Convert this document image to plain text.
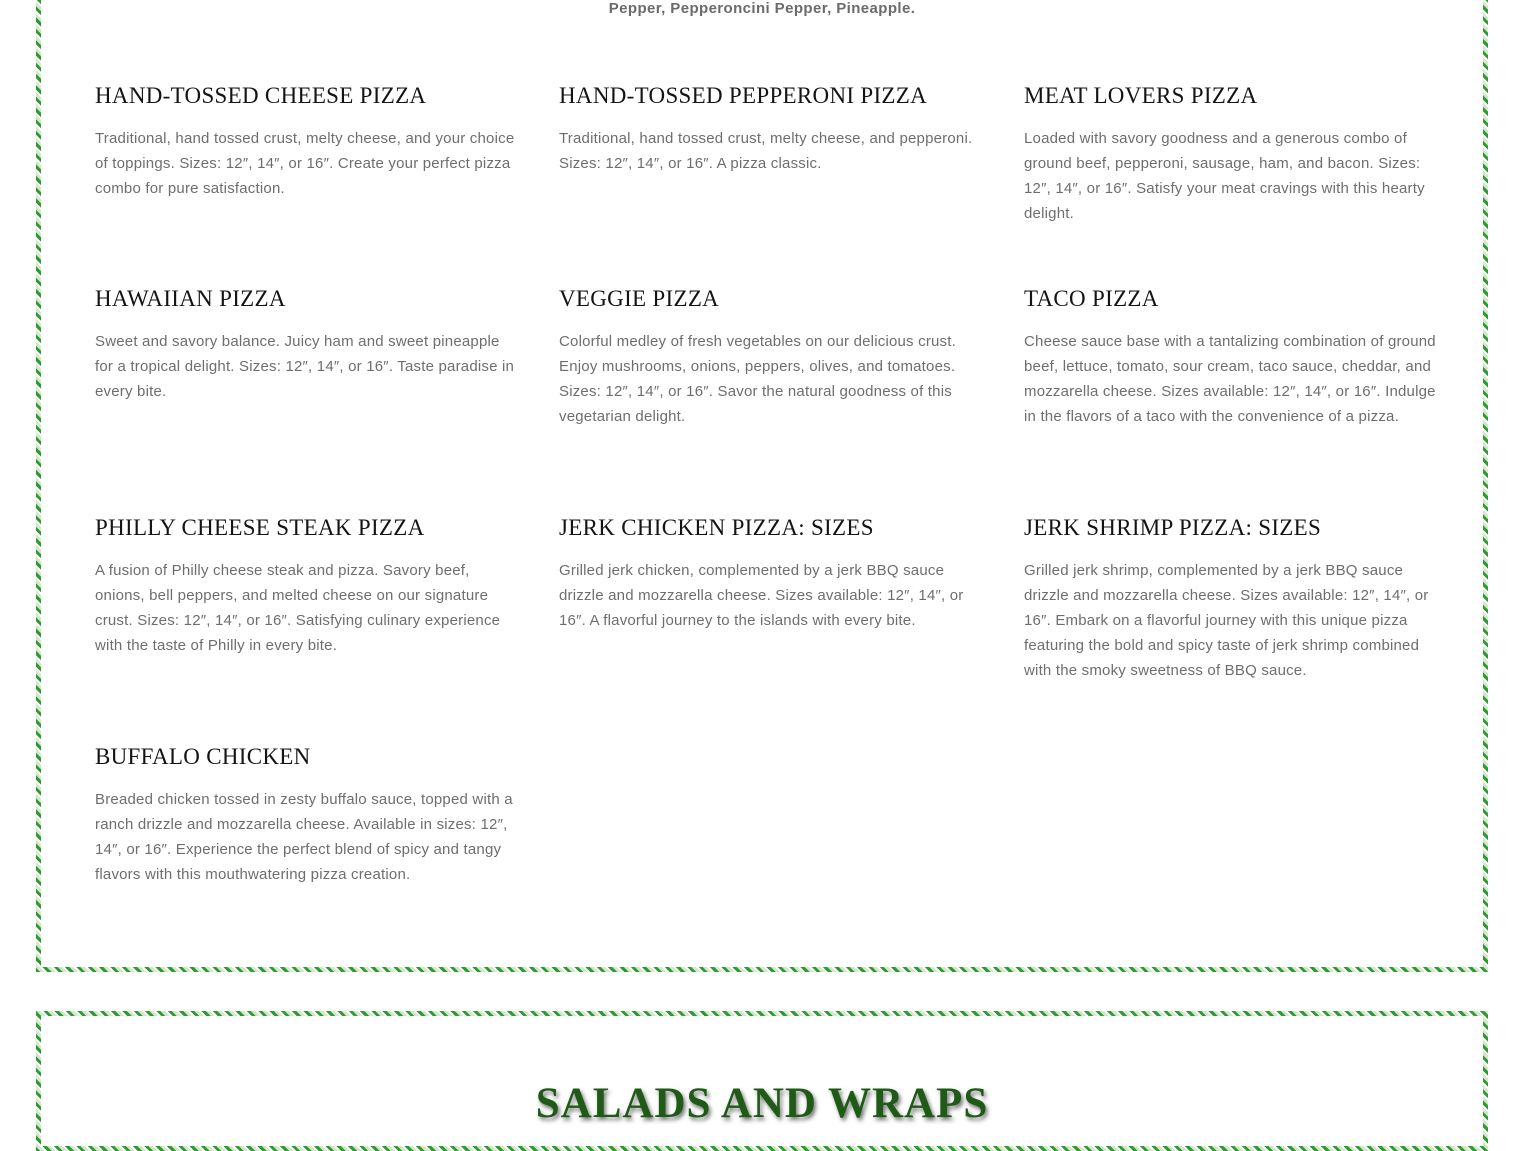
Pepper, Pepperoncini Pepper, Pineapple.
HAND-TOSSED CHEESE PIZZA

Traditional, hand tossed crust, melty cheese, and your choice of toppings. Sizes: 12″, 14″, or 16″. Create your perfect pizza combo for pure satisfaction.

HAND-TOSSED PEPPERONI PIZZA

Traditional, hand tossed crust, melty cheese, and pepperoni. Sizes: 12″, 14″, or 16″. A pizza classic.

MEAT LOVERS PIZZA

Loaded with savory goodness and a generous combo of ground beef, pepperoni, sausage, ham, and bacon. Sizes: 12″, 14″, or 16″. Satisfy your meat cravings with this hearty delight.

HAWAIIAN PIZZA

Sweet and savory balance. Juicy ham and sweet pineapple for a tropical delight. Sizes: 12″, 14″, or 16″. Taste paradise in every bite.

VEGGIE PIZZA

Colorful medley of fresh vegetables on our delicious crust. Enjoy mushrooms, onions, peppers, olives, and tomatoes. Sizes: 12″, 14″, or 16″. Savor the natural goodness of this vegetarian delight.

TACO PIZZA

Cheese sauce base with a tantalizing combination of ground beef, lettuce, tomato, sour cream, taco sauce, cheddar, and mozzarella cheese. Sizes available: 12″, 14″, or 16″. Indulge in the flavors of a taco with the convenience of a pizza.

PHILLY CHEESE STEAK PIZZA

A fusion of Philly cheese steak and pizza. Savory beef, onions, bell peppers, and melted cheese on our signature crust. Sizes: 12″, 14″, or 16″. Satisfying culinary experience with the taste of Philly in every bite.

JERK CHICKEN PIZZA: SIZES

Grilled jerk chicken, complemented by a jerk BBQ sauce drizzle and mozzarella cheese. Sizes available: 12″, 14″, or 16″. A flavorful journey to the islands with every bite.

JERK SHRIMP PIZZA: SIZES

Grilled jerk shrimp, complemented by a jerk BBQ sauce drizzle and mozzarella cheese. Sizes available: 12″, 14″, or 16″. Embark on a flavorful journey with this unique pizza featuring the bold and spicy taste of jerk shrimp combined with the smoky sweetness of BBQ sauce.

BUFFALO CHICKEN

Breaded chicken tossed in zesty buffalo sauce, topped with a ranch drizzle and mozzarella cheese. Available in sizes: 12″, 14″, or 16″. Experience the perfect blend of spicy and tangy flavors with this mouthwatering pizza creation.

SALADS AND WRAPS
